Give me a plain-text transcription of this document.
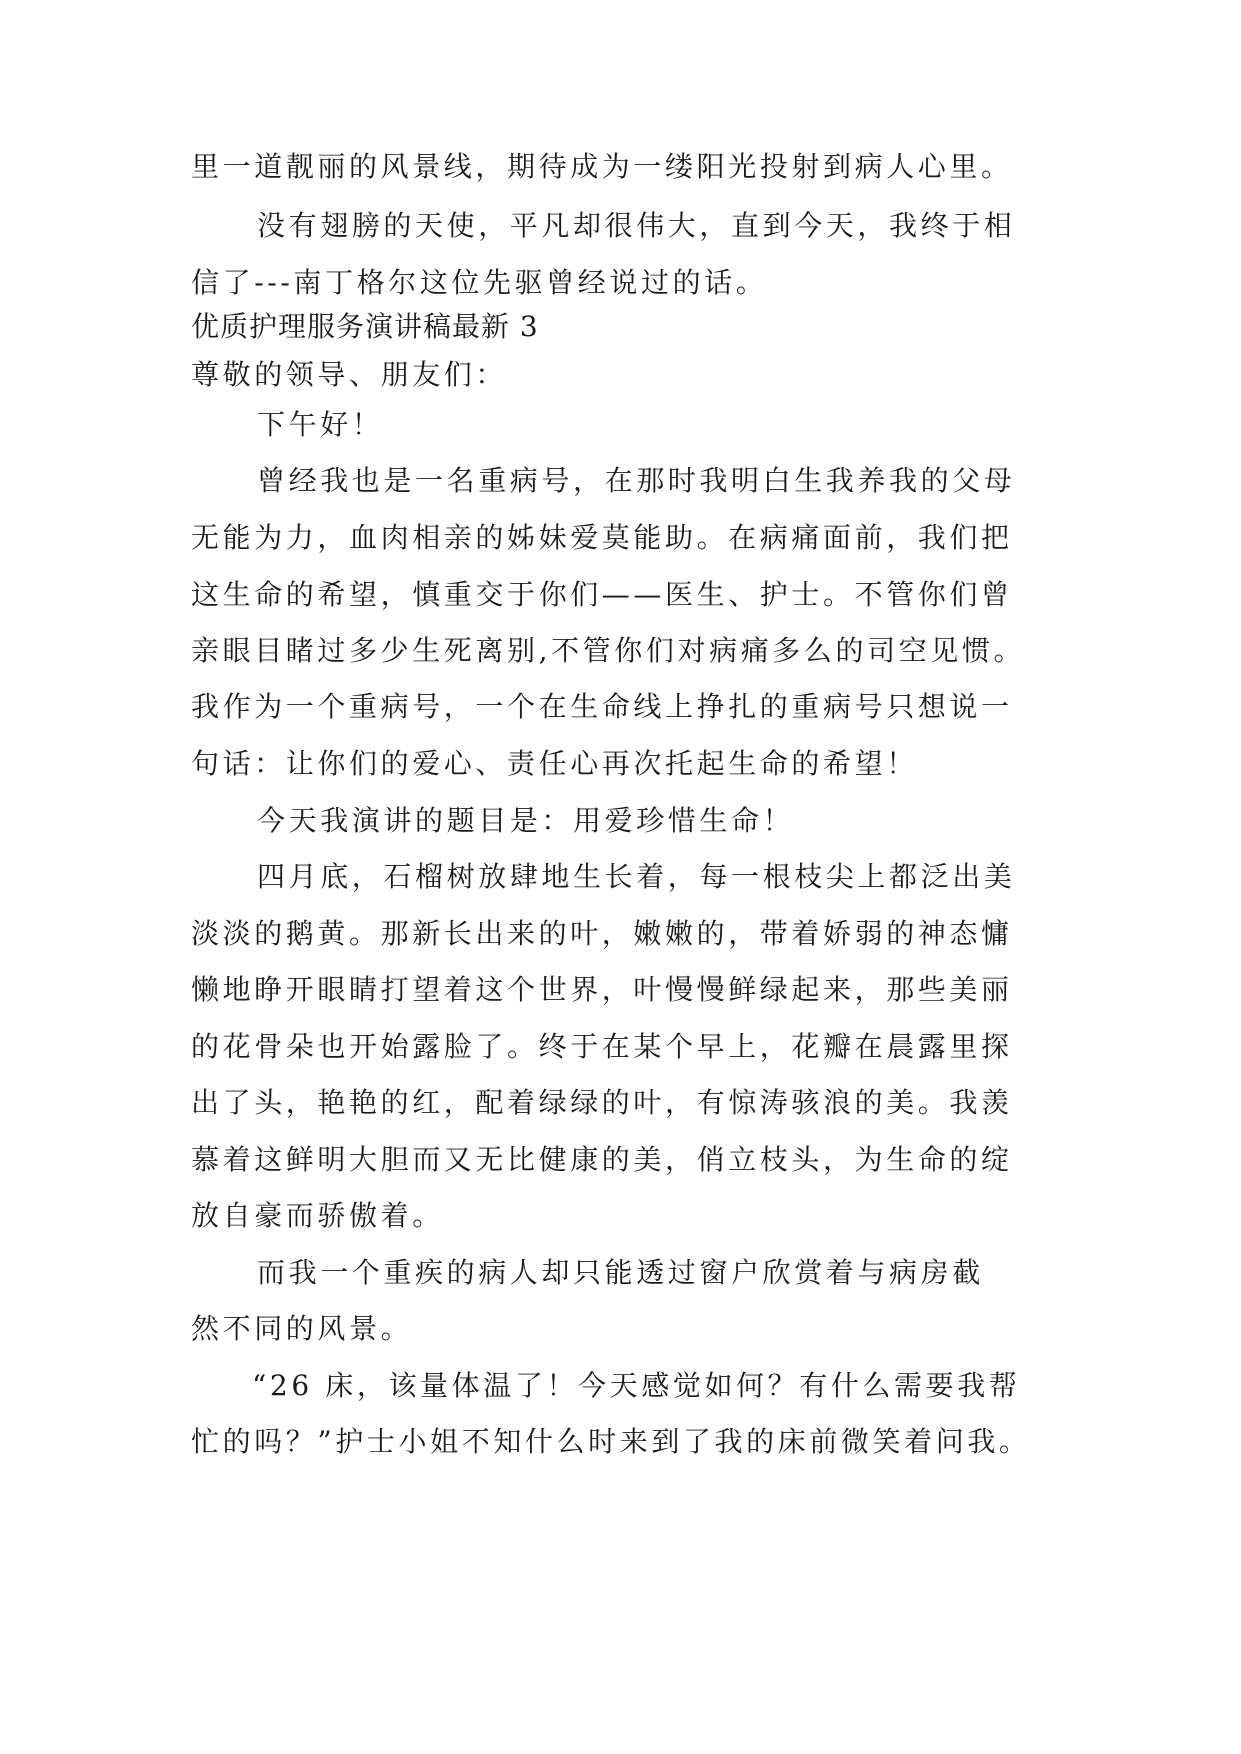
里一道靓丽的风景线，期待成为一缕阳光投射到病人心里。
没有翅膀的天使，平凡却很伟大，直到今天，我终于相
信了---南丁格尔这位先驱曾经说过的话。
优质护理服务演讲稿最新 3
尊敬的领导、朋友们：
下午好！
曾经我也是一名重病号，在那时我明白生我养我的父母
无能为力，血肉相亲的姊妹爱莫能助。在病痛面前，我们把
这生命的希望，慎重交于你们——医生、护士。不管你们曾
亲眼目睹过多少生死离别,不管你们对病痛多么的司空见惯。
我作为一个重病号，一个在生命线上挣扎的重病号只想说一
句话：让你们的爱心、责任心再次托起生命的希望！
今天我演讲的题目是：用爱珍惜生命！
四月底，石榴树放肆地生长着，每一根枝尖上都泛出美
淡淡的鹅黄。那新长出来的叶，嫩嫩的，带着娇弱的神态慵
懒地睁开眼睛打望着这个世界，叶慢慢鲜绿起来，那些美丽
的花骨朵也开始露脸了。终于在某个早上，花瓣在晨露里探
出了头，艳艳的红，配着绿绿的叶，有惊涛骇浪的美。我羡
慕着这鲜明大胆而又无比健康的美，俏立枝头，为生命的绽
放自豪而骄傲着。
而我一个重疾的病人却只能透过窗户欣赏着与病房截
然不同的风景。
“26 床，该量体温了！今天感觉如何？有什么需要我帮
忙的吗？”护士小姐不知什么时来到了我的床前微笑着问我。
